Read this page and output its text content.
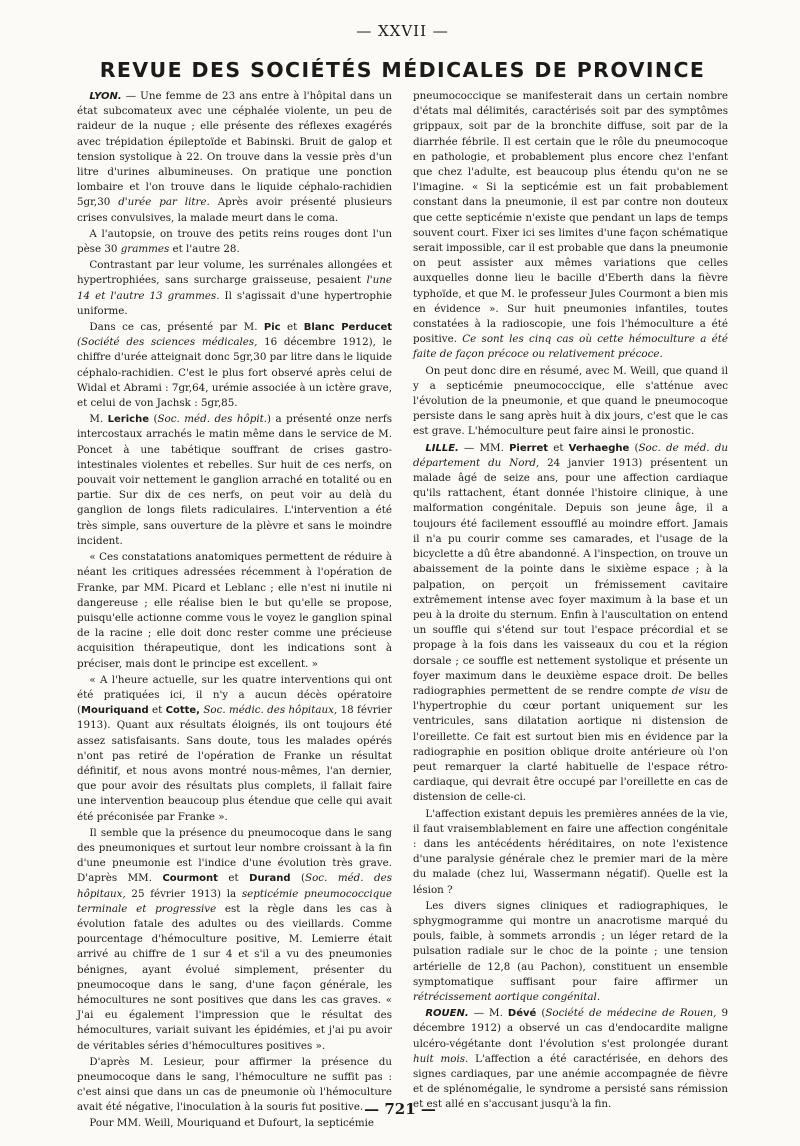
— XXVII —
REVUE DES SOCIÉTÉS MÉDICALES DE PROVINCE

LYON. — Une femme de 23 ans entre à l'hôpital dans un état subcomateux avec une céphalée violente, un peu de raideur de la nuque ; elle présente des réflexes exagérés avec trépidation épileptoïde et Babinski. Bruit de galop et tension systolique à 22. On trouve dans la vessie près d'un litre d'urines albumineuses. On pratique une ponction lombaire et l'on trouve dans le liquide céphalo-rachidien 5gr,30 d'urée par litre. Après avoir présenté plusieurs crises convulsives, la malade meurt dans le coma.

A l'autopsie, on trouve des petits reins rouges dont l'un pèse 30 grammes et l'autre 28.

Contrastant par leur volume, les surrénales allongées et hypertrophiées, sans surcharge graisseuse, pesaient l'une 14 et l'autre 13 grammes. Il s'agissait d'une hypertrophie uniforme.

Dans ce cas, présenté par M. Pic et Blanc Perducet (Société des sciences médicales, 16 décembre 1912), le chiffre d'urée atteignait donc 5gr,30 par litre dans le liquide céphalo-rachidien. C'est le plus fort observé après celui de Widal et Abrami : 7gr,64, urémie associée à un ictère grave, et celui de von Jachsk : 5gr,85.

M. Leriche (Soc. méd. des hôpit.) a présenté onze nerfs intercostaux arrachés le matin même dans le service de M. Poncet à une tabétique souffrant de crises gastro-intestinales violentes et rebelles. Sur huit de ces nerfs, on pouvait voir nettement le ganglion arraché en totalité ou en partie. Sur dix de ces nerfs, on peut voir au delà du ganglion de longs filets radiculaires. L'intervention a été très simple, sans ouverture de la plèvre et sans le moindre incident.

« Ces constatations anatomiques permettent de réduire à néant les critiques adressées récemment à l'opération de Franke, par MM. Picard et Leblanc ; elle n'est ni inutile ni dangereuse ; elle réalise bien le but qu'elle se propose, puisqu'elle actionne comme vous le voyez le ganglion spinal de la racine ; elle doit donc rester comme une précieuse acquisition thérapeutique, dont les indications sont à préciser, mais dont le principe est excellent. »

« A l'heure actuelle, sur les quatre interventions qui ont été pratiquées ici, il n'y a aucun décès opératoire (Mouriquand et Cotte, Soc. médic. des hôpitaux, 18 février 1913). Quant aux résultats éloignés, ils ont toujours été assez satisfaisants. Sans doute, tous les malades opérés n'ont pas retiré de l'opération de Franke un résultat définitif, et nous avons montré nous-mêmes, l'an dernier, que pour avoir des résultats plus complets, il fallait faire une intervention beaucoup plus étendue que celle qui avait été préconisée par Franke ».

Il semble que la présence du pneumocoque dans le sang des pneumoniques et surtout leur nombre croissant à la fin d'une pneumonie est l'indice d'une évolution très grave. D'après MM. Courmont et Durand (Soc. méd. des hôpitaux, 25 février 1913) la septicémie pneumococcique terminale et progressive est la règle dans les cas à évolution fatale des adultes ou des vieillards. Comme pourcentage d'hémoculture positive, M. Lemierre était arrivé au chiffre de 1 sur 4 et s'il a vu des pneumonies bénignes, ayant évolué simplement, présenter du pneumocoque dans le sang, d'une façon générale, les hémocultures ne sont positives que dans les cas graves. « J'ai eu également l'impression que le résultat des hémocultures, variait suivant les épidémies, et j'ai pu avoir de véritables séries d'hémocultures positives ».

D'après M. Lesieur, pour affirmer la présence du pneumocoque dans le sang, l'hémoculture ne suffit pas : c'est ainsi que dans un cas de pneumonie où l'hémoculture avait été négative, l'inoculation à la souris fut positive.

Pour MM. Weill, Mouriquand et Dufourt, la septicémie

pneumococcique se manifesterait dans un certain nombre d'états mal délimités, caractérisés soit par des symptômes grippaux, soit par de la bronchite diffuse, soit par de la diarrhée fébrile. Il est certain que le rôle du pneumocoque en pathologie, et probablement plus encore chez l'enfant que chez l'adulte, est beaucoup plus étendu qu'on ne se l'imagine. « Si la septicémie est un fait probablement constant dans la pneumonie, il est par contre non douteux que cette septicémie n'existe que pendant un laps de temps souvent court. Fixer ici ses limites d'une façon schématique serait impossible, car il est probable que dans la pneumonie on peut assister aux mêmes variations que celles auxquelles donne lieu le bacille d'Eberth dans la fièvre typhoïde, et que M. le professeur Jules Courmont a bien mis en évidence ». Sur huit pneumonies infantiles, toutes constatées à la radioscopie, une fois l'hémoculture a été positive. Ce sont les cinq cas où cette hémoculture a été faite de façon précoce ou relativement précoce.

On peut donc dire en résumé, avec M. Weill, que quand il y a septicémie pneumococcique, elle s'atténue avec l'évolution de la pneumonie, et que quand le pneumocoque persiste dans le sang après huit à dix jours, c'est que le cas est grave. L'hémoculture peut faire ainsi le pronostic.

LILLE. — MM. Pierret et Verhaeghe (Soc. de méd. du département du Nord, 24 janvier 1913) présentent un malade âgé de seize ans, pour une affection cardiaque qu'ils rattachent, étant donnée l'histoire clinique, à une malformation congénitale. Depuis son jeune âge, il a toujours été facilement essoufflé au moindre effort. Jamais il n'a pu courir comme ses camarades, et l'usage de la bicyclette a dû être abandonné. A l'inspection, on trouve un abaissement de la pointe dans le sixième espace ; à la palpation, on perçoit un frémissement cavitaire extrêmement intense avec foyer maximum à la base et un peu à la droite du sternum. Enfin à l'auscultation on entend un souffle qui s'étend sur tout l'espace précordial et se propage à la fois dans les vaisseaux du cou et la région dorsale ; ce souffle est nettement systolique et présente un foyer maximum dans le deuxième espace droit. De belles radiographies permettent de se rendre compte de visu de l'hypertrophie du cœur portant uniquement sur les ventricules, sans dilatation aortique ni distension de l'oreillette. Ce fait est surtout bien mis en évidence par la radiographie en position oblique droite antérieure où l'on peut remarquer la clarté habituelle de l'espace rétro-cardiaque, qui devrait être occupé par l'oreillette en cas de distension de celle-ci.

L'affection existant depuis les premières années de la vie, il faut vraisemblablement en faire une affection congénitale : dans les antécédents héréditaires, on note l'existence d'une paralysie générale chez le premier mari de la mère du malade (chez lui, Wassermann négatif). Quelle est la lésion ?

Les divers signes cliniques et radiographiques, le sphygmogramme qui montre un anacrotisme marqué du pouls, faible, à sommets arrondis ; un léger retard de la pulsation radiale sur le choc de la pointe ; une tension artérielle de 12,8 (au Pachon), constituent un ensemble symptomatique suffisant pour faire affirmer un rétrécissement aortique congénital.

ROUEN. — M. Dévé (Société de médecine de Rouen, 9 décembre 1912) a observé un cas d'endocardite maligne ulcéro-végétante dont l'évolution s'est prolongée durant huit mois. L'affection a été caractérisée, en dehors des signes cardiaques, par une anémie accompagnée de fièvre et de splénomégalie, le syndrome a persisté sans rémission et est allé en s'accusant jusqu'à la fin.

— 721 —
